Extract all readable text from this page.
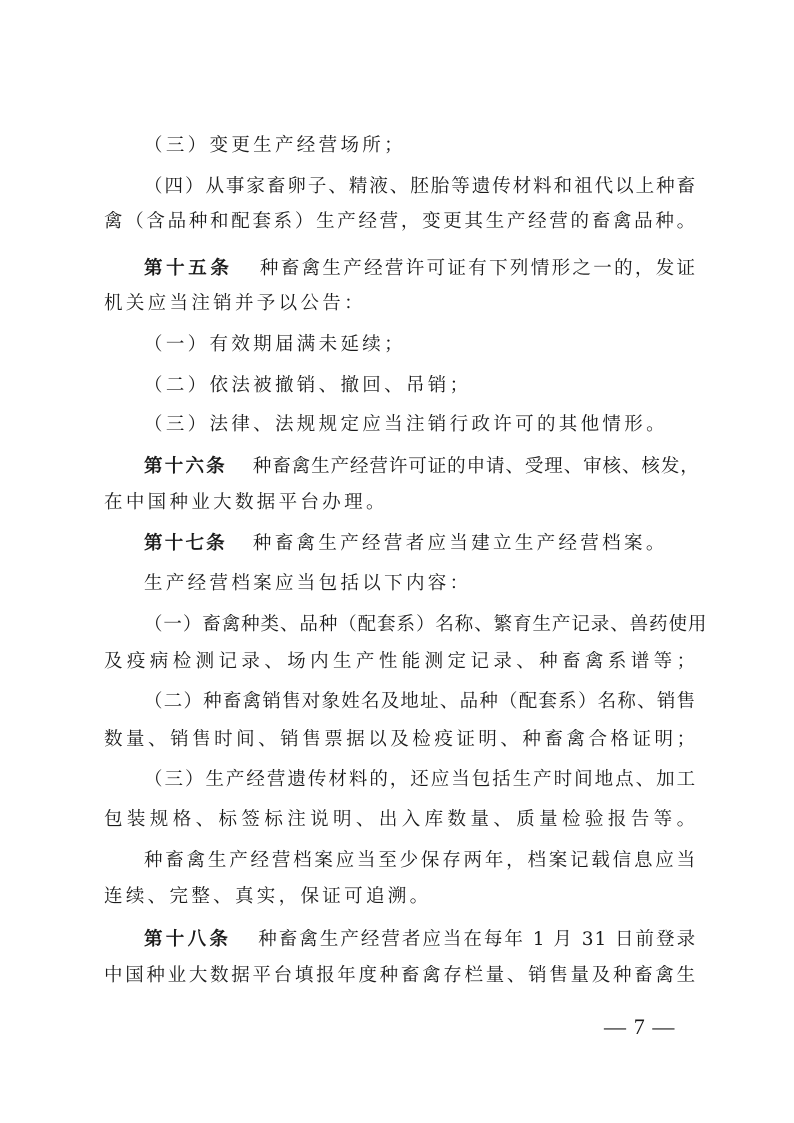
（三）变更生产经营场所；
（四）从事家畜卵子、精液、胚胎等遗传材料和祖代以上种畜
禽（含品种和配套系）生产经营，变更其生产经营的畜禽品种。
第十五条 种畜禽生产经营许可证有下列情形之一的，发证
机关应当注销并予以公告：
（一）有效期届满未延续；
（二）依法被撤销、撤回、吊销；
（三）法律、法规规定应当注销行政许可的其他情形。
第十六条 种畜禽生产经营许可证的申请、受理、审核、核发，
在中国种业大数据平台办理。
第十七条 种畜禽生产经营者应当建立生产经营档案。
生产经营档案应当包括以下内容：
（一）畜禽种类、品种（配套系）名称、繁育生产记录、兽药使用
及疫病检测记录、场内生产性能测定记录、种畜禽系谱等；
（二）种畜禽销售对象姓名及地址、品种（配套系）名称、销售
数量、销售时间、销售票据以及检疫证明、种畜禽合格证明；
（三）生产经营遗传材料的，还应当包括生产时间地点、加工
包装规格、标签标注说明、出入库数量、质量检验报告等。
种畜禽生产经营档案应当至少保存两年，档案记载信息应当
连续、完整、真实，保证可追溯。
第十八条 种畜禽生产经营者应当在每年 1 月 31 日前登录
中国种业大数据平台填报年度种畜禽存栏量、销售量及种畜禽生
— 7 —
